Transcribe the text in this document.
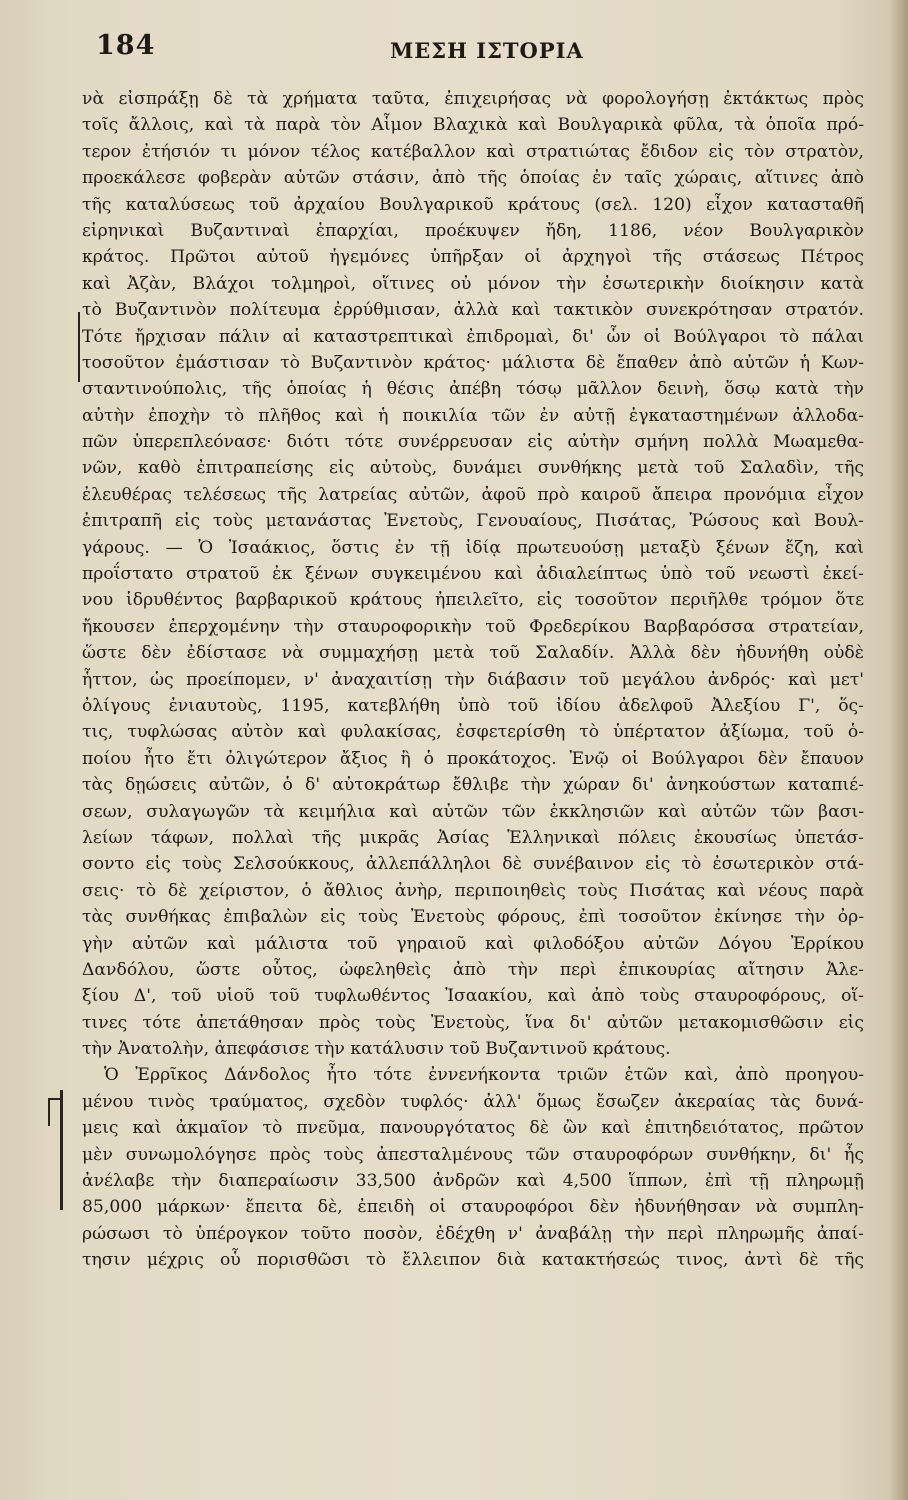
184	ΜΕΣΗ ΙΣΤΟΡΙΑ
νὰ εἰσπράξῃ δὲ τὰ χρήματα ταῦτα, ἐπιχειρήσας νὰ φορολογήσῃ ἐκτάκτως πρὸς
τοῖς ἄλλοις, καὶ τὰ παρὰ τὸν Αἷμον Βλαχικὰ καὶ Βουλγαρικὰ φῦλα, τὰ ὁποῖα πρό-
τερον ἐτήσιόν τι μόνον τέλος κατέβαλλον καὶ στρατιώτας ἔδιδον εἰς τὸν στρατὸν,
προεκάλεσε φοβερὰν αὐτῶν στάσιν, ἀπὸ τῆς ὁποίας ἐν ταῖς χώραις, αἵτινες ἀπὸ
τῆς καταλύσεως τοῦ ἀρχαίου Βουλγαρικοῦ κράτους (σελ. 120) εἶχον κατασταθῆ
εἰρηνικαὶ Βυζαντιναὶ ἐπαρχίαι, προέκυψεν ἤδη, 1186, νέον Βουλγαρικὸν
κράτος. Πρῶτοι αὐτοῦ ἡγεμόνες ὑπῆρξαν οἱ ἀρχηγοὶ τῆς στάσεως Πέτρος
καὶ Ἀζὰν, Βλάχοι τολμηροὶ, οἵτινες οὐ μόνον τὴν ἐσωτερικὴν διοίκησιν κατὰ
τὸ Βυζαντινὸν πολίτευμα ἐρρύθμισαν, ἀλλὰ καὶ τακτικὸν συνεκρότησαν στρατόν.
Τότε ἤρχισαν πάλιν αἱ καταστρεπτικαὶ ἐπιδρομαὶ, δι' ὧν οἱ Βούλγαροι τὸ πάλαι
τοσοῦτον ἐμάστισαν τὸ Βυζαντινὸν κράτος· μάλιστα δὲ ἔπαθεν ἀπὸ αὐτῶν ἡ Κων-
σταντινούπολις, τῆς ὁποίας ἡ θέσις ἀπέβη τόσῳ μᾶλλον δεινὴ, ὅσῳ κατὰ τὴν
αὐτὴν ἐποχὴν τὸ πλῆθος καὶ ἡ ποικιλία τῶν ἐν αὐτῇ ἐγκαταστημένων ἀλλοδα-
πῶν ὑπερεπλεόνασε· διότι τότε συνέρρευσαν εἰς αὐτὴν σμήνη πολλὰ Μωαμεθα-
νῶν, καθὸ ἐπιτραπείσης εἰς αὐτοὺς, δυνάμει συνθήκης μετὰ τοῦ Σαλαδὶν, τῆς
ἐλευθέρας τελέσεως τῆς λατρείας αὐτῶν, ἀφοῦ πρὸ καιροῦ ἄπειρα προνόμια εἶχον
ἐπιτραπῆ εἰς τοὺς μετανάστας Ἐνετοὺς, Γενουαίους, Πισάτας, Ῥώσους καὶ Βουλ-
γάρους. — Ὁ Ἰσαάκιος, ὅστις ἐν τῇ ἰδίᾳ πρωτευούσῃ μεταξὺ ξένων ἔζη, καὶ
προΐστατο στρατοῦ ἐκ ξένων συγκειμένου καὶ ἀδιαλείπτως ὑπὸ τοῦ νεωστὶ ἐκεί-
νου ἱδρυθέντος βαρβαρικοῦ κράτους ἠπειλεῖτο, εἰς τοσοῦτον περιῆλθε τρόμον ὅτε
ἤκουσεν ἐπερχομένην τὴν σταυροφορικὴν τοῦ Φρεδερίκου Βαρβαρόσσα στρατείαν,
ὥστε δὲν ἐδίστασε νὰ συμμαχήσῃ μετὰ τοῦ Σαλαδίν. Ἀλλὰ δὲν ἠδυνήθη οὐδὲ
ἧττον, ὡς προείπομεν, ν' ἀναχαιτίσῃ τὴν διάβασιν τοῦ μεγάλου ἀνδρός· καὶ μετ'
ὀλίγους ἐνιαυτοὺς, 1195, κατεβλήθη ὑπὸ τοῦ ἰδίου ἀδελφοῦ Ἀλεξίου Γ', ὅς-
τις, τυφλώσας αὐτὸν καὶ φυλακίσας, ἐσφετερίσθη τὸ ὑπέρτατον ἀξίωμα, τοῦ ὁ-
ποίου ἦτο ἔτι ὀλιγώτερον ἄξιος ἢ ὁ προκάτοχος. Ἐνῷ οἱ Βούλγαροι δὲν ἔπαυον
τὰς δῃώσεις αὐτῶν, ὁ δ' αὐτοκράτωρ ἔθλιβε τὴν χώραν δι' ἀνηκούστων καταπιέ-
σεων, συλαγωγῶν τὰ κειμήλια καὶ αὐτῶν τῶν ἐκκλησιῶν καὶ αὐτῶν τῶν βασι-
λείων τάφων, πολλαὶ τῆς μικρᾶς Ἀσίας Ἑλληνικαὶ πόλεις ἑκουσίως ὑπετάσ-
σοντο εἰς τοὺς Σελσούκκους, ἀλλεπάλληλοι δὲ συνέβαινον εἰς τὸ ἐσωτερικὸν στά-
σεις· τὸ δὲ χείριστον, ὁ ἄθλιος ἀνὴρ, περιποιηθεὶς τοὺς Πισάτας καὶ νέους παρὰ
τὰς συνθήκας ἐπιβαλὼν εἰς τοὺς Ἐνετοὺς φόρους, ἐπὶ τοσοῦτον ἐκίνησε τὴν ὀρ-
γὴν αὐτῶν καὶ μάλιστα τοῦ γηραιοῦ καὶ φιλοδόξου αὐτῶν Δόγου Ἐρρίκου
Δανδόλου, ὥστε οὗτος, ὠφεληθεὶς ἀπὸ τὴν περὶ ἐπικουρίας αἴτησιν Ἀλε-
ξίου Δ', τοῦ υἱοῦ τοῦ τυφλωθέντος Ἰσαακίου, καὶ ἀπὸ τοὺς σταυροφόρους, οἵ-
τινες τότε ἀπετάθησαν πρὸς τοὺς Ἐνετοὺς, ἵνα δι' αὐτῶν μετακομισθῶσιν εἰς
τὴν Ἀνατολὴν, ἀπεφάσισε τὴν κατάλυσιν τοῦ Βυζαντινοῦ κράτους.
Ὁ Ἐρρῖκος Δάνδολος ἦτο τότε ἐννενήκοντα τριῶν ἐτῶν καὶ, ἀπὸ προηγου-
μένου τινὸς τραύματος, σχεδὸν τυφλός· ἀλλ' ὅμως ἔσωζεν ἀκεραίας τὰς δυνά-
μεις καὶ ἀκμαῖον τὸ πνεῦμα, πανουργότατος δὲ ὢν καὶ ἐπιτηδειότατος, πρῶτον
μὲν συνωμολόγησε πρὸς τοὺς ἀπεσταλμένους τῶν σταυροφόρων συνθήκην, δι' ἧς
ἀνέλαβε τὴν διαπεραίωσιν 33,500 ἀνδρῶν καὶ 4,500 ἵππων, ἐπὶ τῇ πληρωμῇ
85,000 μάρκων· ἔπειτα δὲ, ἐπειδὴ οἱ σταυροφόροι δὲν ἠδυνήθησαν νὰ συμπλη-
ρώσωσι τὸ ὑπέρογκον τοῦτο ποσὸν, ἐδέχθη ν' ἀναβάλῃ τὴν περὶ πληρωμῆς ἀπαί-
τησιν μέχρις οὗ πορισθῶσι τὸ ἔλλειπον διὰ κατακτήσεώς τινος, ἀντὶ δὲ τῆς
